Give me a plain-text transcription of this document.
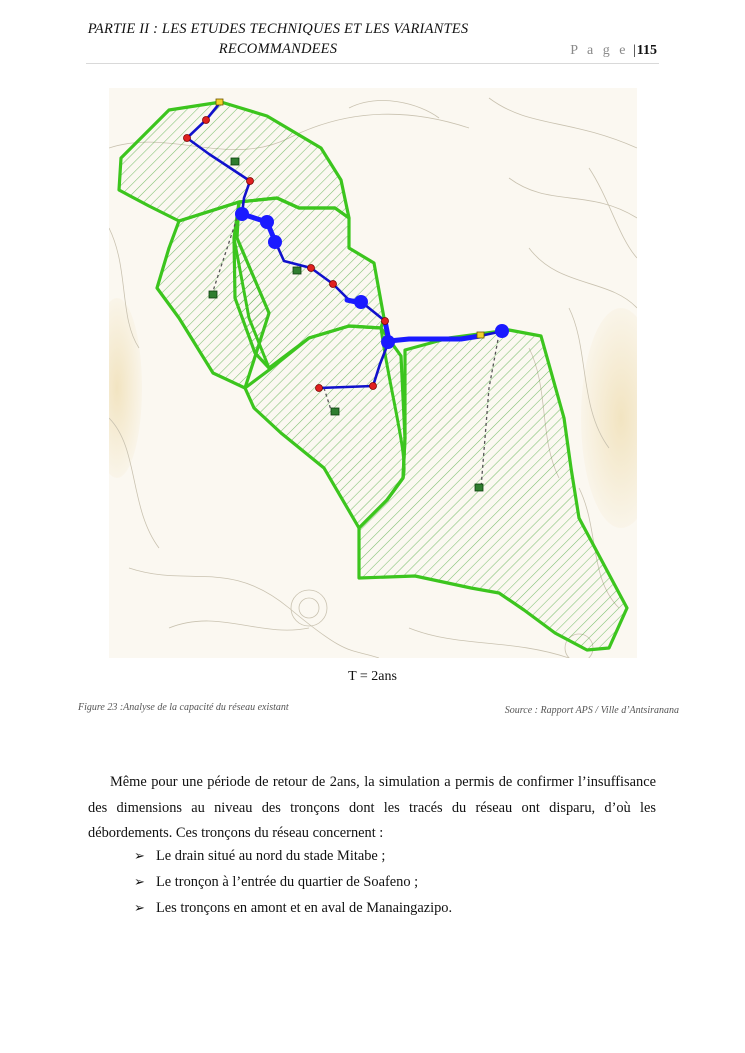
PARTIE II : LES ETUDES TECHNIQUES ET LES VARIANTES
RECOMMANDEES	P a g e |115
T = 2ans
Figure 23 :Analyse de la capacité du réseau existant	Source : Rapport APS / Ville d’Antsiranana

Même pour une période de retour de 2ans, la simulation a permis de confirmer l’insuffisance des dimensions au niveau des tronçons dont les tracés du réseau ont disparu, d’où les débordements. Ces tronçons du réseau concernent :

➢ Le drain situé au nord du stade Mitabe ;
➢ Le tronçon à l’entrée du quartier de Soafeno ;
➢ Les tronçons en amont et en aval de Manaingazipo.
